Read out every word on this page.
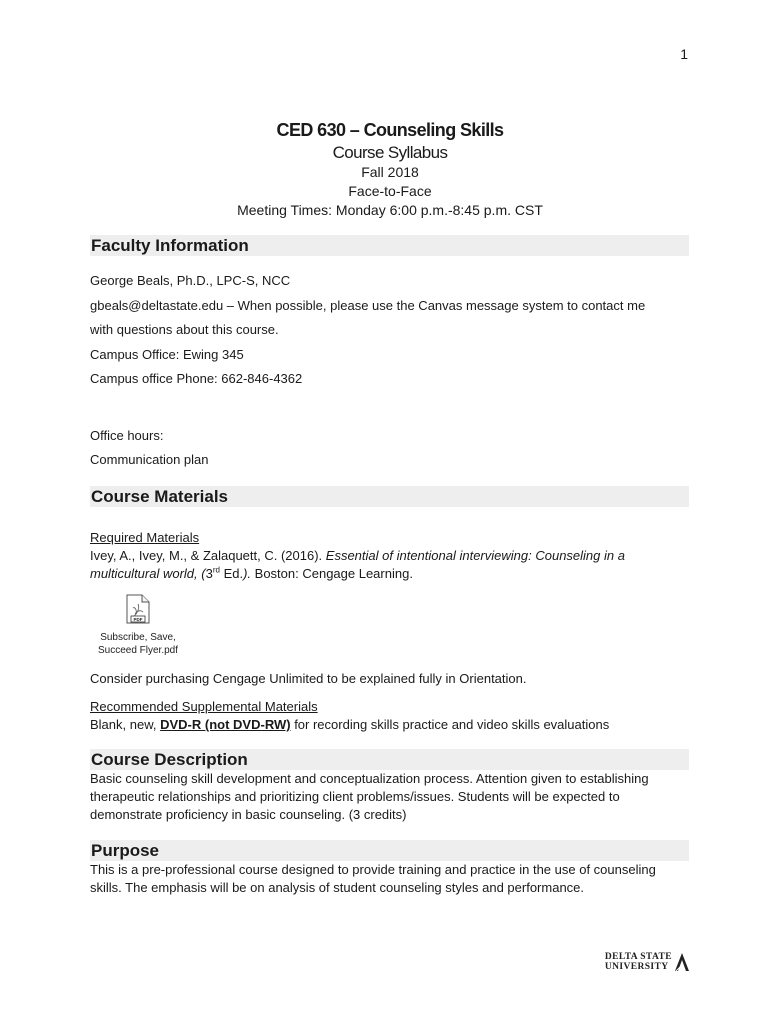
1
CED 630 – Counseling Skills
Course Syllabus
Fall 2018
Face-to-Face
Meeting Times: Monday 6:00 p.m.-8:45 p.m. CST
Faculty Information
George Beals, Ph.D., LPC-S, NCC
gbeals@deltastate.edu – When possible, please use the Canvas message system to contact me
with questions about this course.
Campus Office: Ewing 345
Campus office Phone: 662-846-4362
Office hours:
Communication plan
Course Materials
Required Materials
Ivey, A., Ivey, M., & Zalaquett, C. (2016). Essential of intentional interviewing: Counseling in a multicultural world, (3rd Ed.). Boston: Cengage Learning.
PDF
Subscribe, Save,
Succeed Flyer.pdf
Consider purchasing Cengage Unlimited to be explained fully in Orientation.
Recommended Supplemental Materials
Blank, new, DVD-R (not DVD-RW) for recording skills practice and video skills evaluations
Course Description
Basic counseling skill development and conceptualization process. Attention given to establishing therapeutic relationships and prioritizing client problems/issues. Students will be expected to demonstrate proficiency in basic counseling. (3 credits)
Purpose
This is a pre-professional course designed to provide training and practice in the use of counseling skills. The emphasis will be on analysis of student counseling styles and performance.
DELTA STATE
UNIVERSITY
